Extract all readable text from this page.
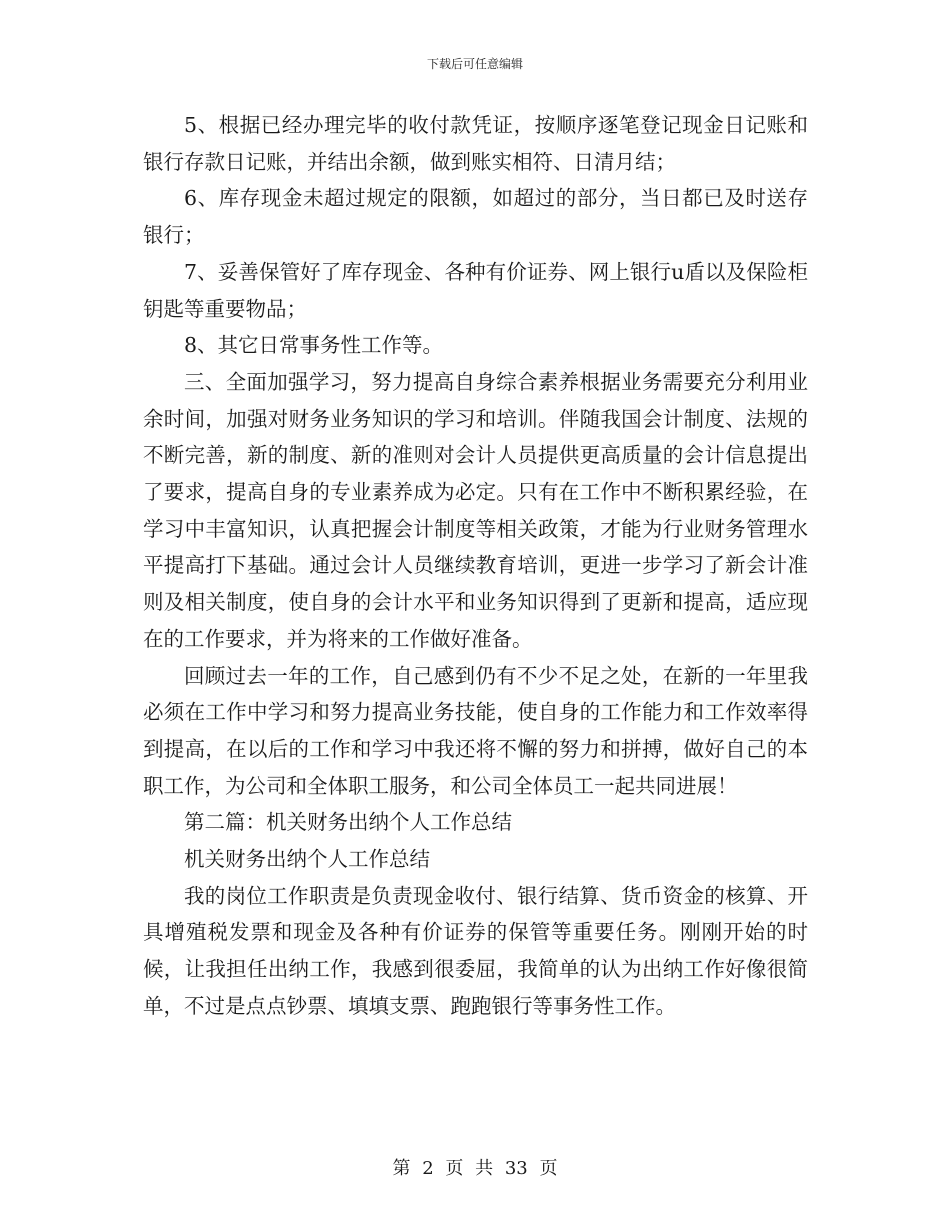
下载后可任意编辑

5、根据已经办理完毕的收付款凭证，按顺序逐笔登记现金日记账和银行存款日记账，并结出余额，做到账实相符、日清月结；

6、库存现金未超过规定的限额，如超过的部分，当日都已及时送存银行；

7、妥善保管好了库存现金、各种有价证券、网上银行u盾以及保险柜钥匙等重要物品；

8、其它日常事务性工作等。

三、全面加强学习，努力提高自身综合素养根据业务需要充分利用业余时间，加强对财务业务知识的学习和培训。伴随我国会计制度、法规的不断完善，新的制度、新的准则对会计人员提供更高质量的会计信息提出了要求，提高自身的专业素养成为必定。只有在工作中不断积累经验，在学习中丰富知识，认真把握会计制度等相关政策，才能为行业财务管理水平提高打下基础。通过会计人员继续教育培训，更进一步学习了新会计准则及相关制度，使自身的会计水平和业务知识得到了更新和提高，适应现在的工作要求，并为将来的工作做好准备。

回顾过去一年的工作，自己感到仍有不少不足之处，在新的一年里我必须在工作中学习和努力提高业务技能，使自身的工作能力和工作效率得到提高，在以后的工作和学习中我还将不懈的努力和拼搏，做好自己的本职工作，为公司和全体职工服务，和公司全体员工一起共同进展！

第二篇：机关财务出纳个人工作总结

机关财务出纳个人工作总结

我的岗位工作职责是负责现金收付、银行结算、货币资金的核算、开具增殖税发票和现金及各种有价证券的保管等重要任务。刚刚开始的时候，让我担任出纳工作，我感到很委屈，我简单的认为出纳工作好像很简单，不过是点点钞票、填填支票、跑跑银行等事务性工作。

第 2 页 共 33 页
